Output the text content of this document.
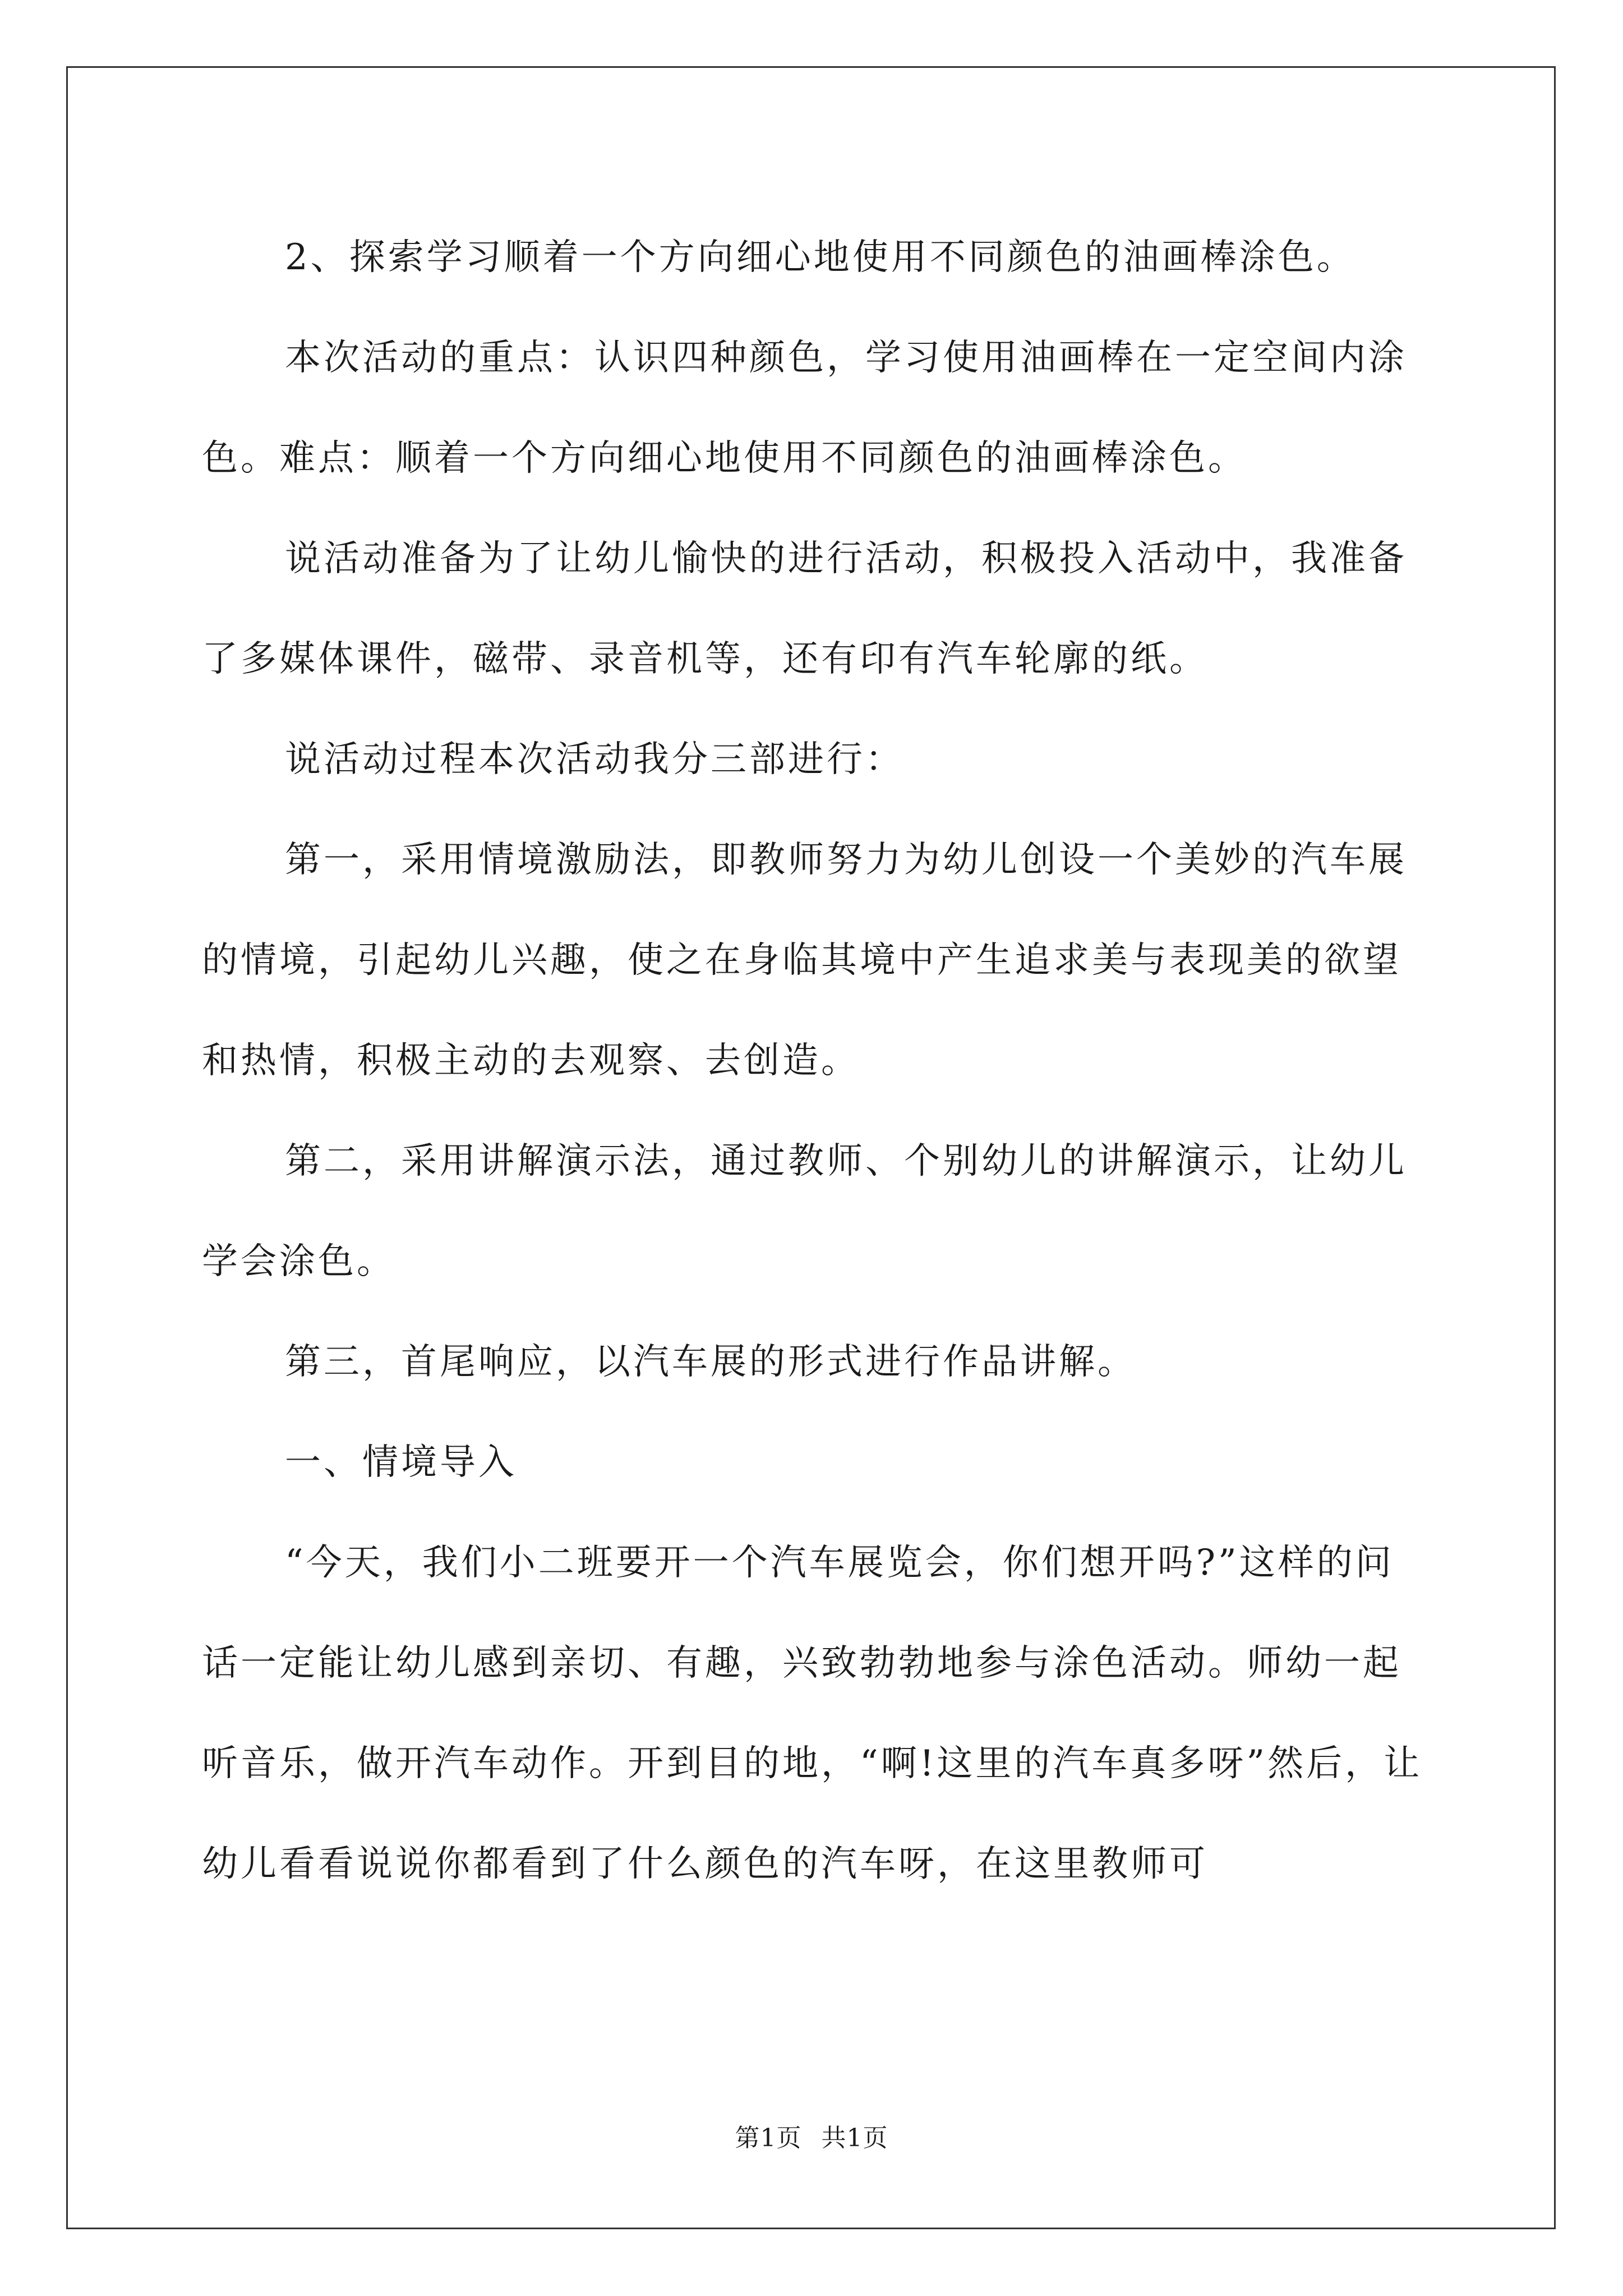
2、探索学习顺着一个方向细心地使用不同颜色的油画棒涂色。

本次活动的重点：认识四种颜色，学习使用油画棒在一定空间内涂色。难点：顺着一个方向细心地使用不同颜色的油画棒涂色。

说活动准备为了让幼儿愉快的进行活动，积极投入活动中，我准备了多媒体课件，磁带、录音机等，还有印有汽车轮廓的纸。

说活动过程本次活动我分三部进行：

第一，采用情境激励法，即教师努力为幼儿创设一个美妙的汽车展的情境，引起幼儿兴趣，使之在身临其境中产生追求美与表现美的欲望和热情，积极主动的去观察、去创造。

第二，采用讲解演示法，通过教师、个别幼儿的讲解演示，让幼儿学会涂色。

第三，首尾响应，以汽车展的形式进行作品讲解。

一、情境导入

“今天，我们小二班要开一个汽车展览会，你们想开吗?”这样的问话一定能让幼儿感到亲切、有趣，兴致勃勃地参与涂色活动。师幼一起听音乐，做开汽车动作。开到目的地，“啊!这里的汽车真多呀”然后，让幼儿看看说说你都看到了什么颜色的汽车呀，在这里教师可

第1页 共1页
